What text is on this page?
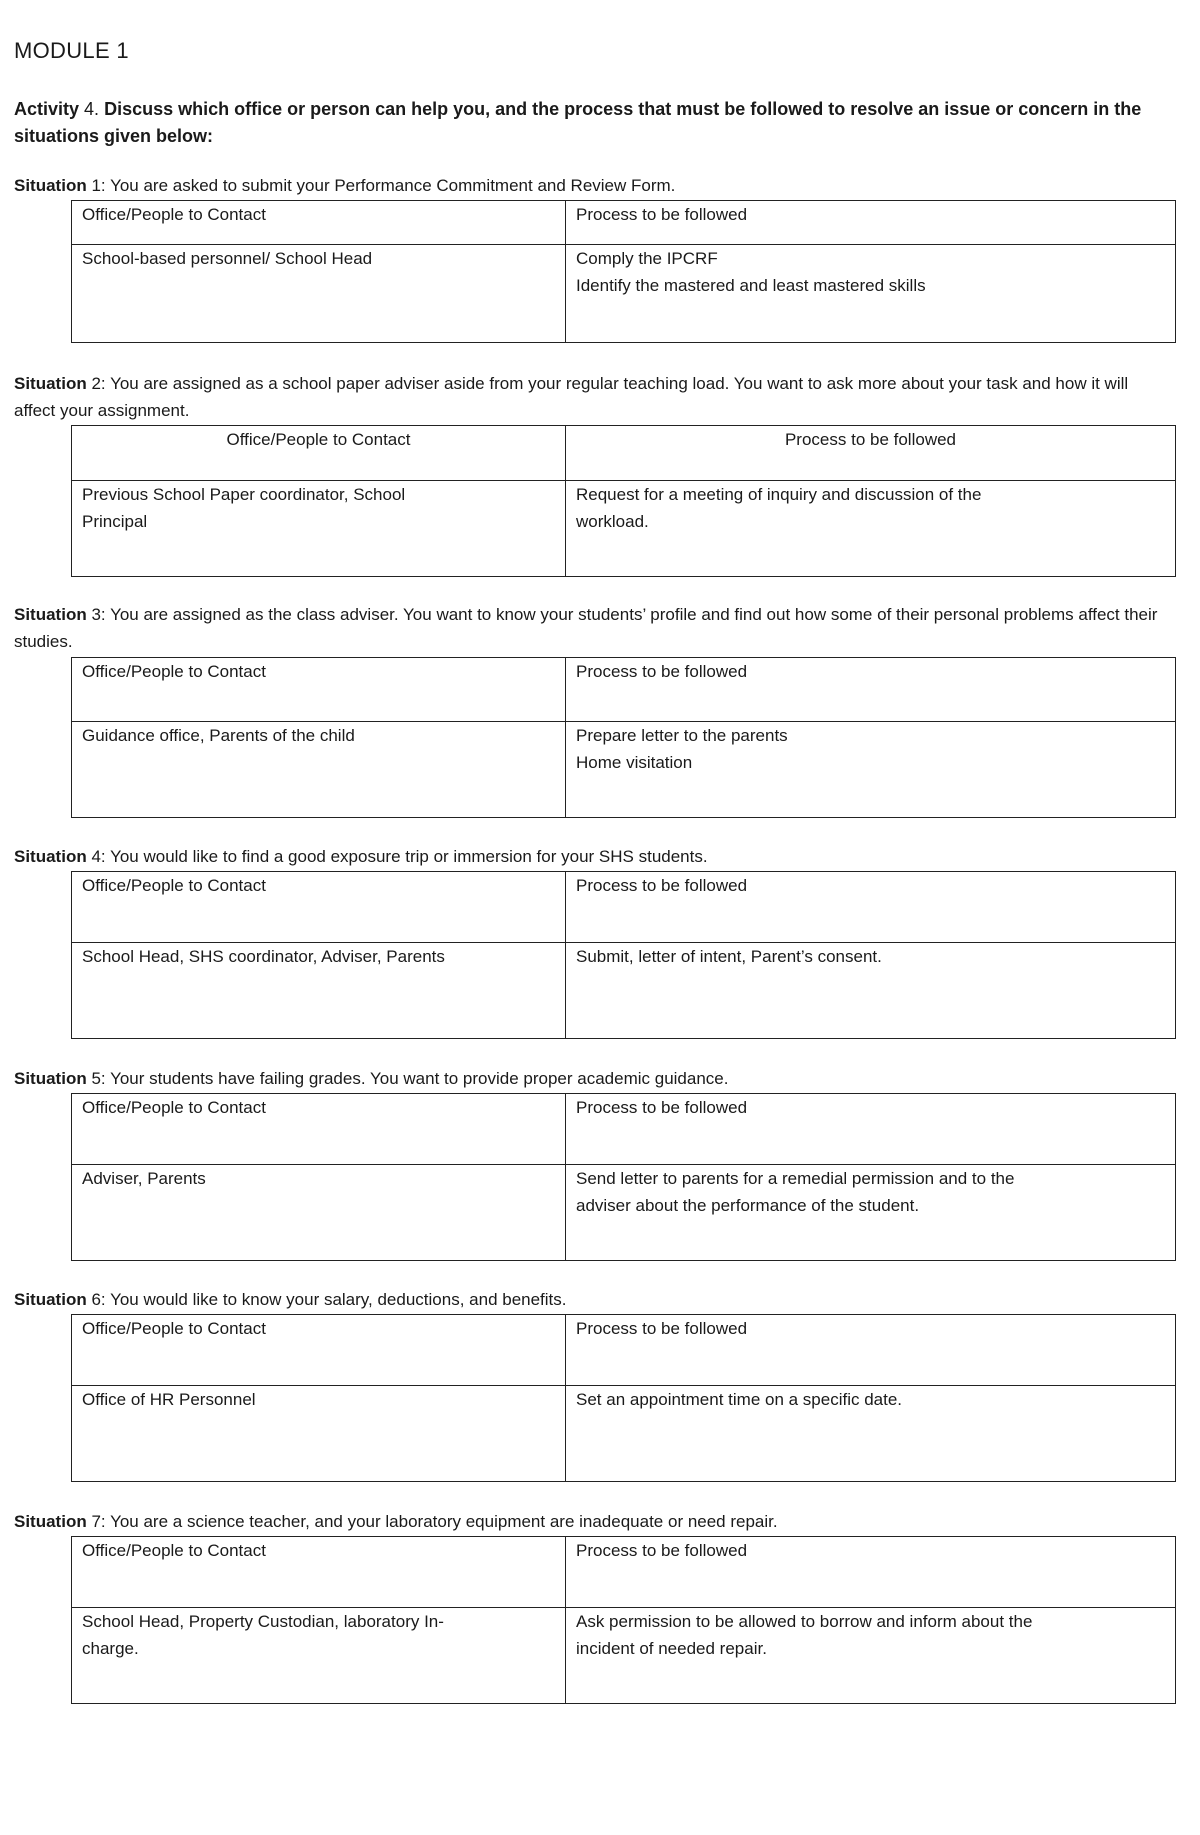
MODULE 1
Activity 4. Discuss which office or person can help you, and the process that must be followed to resolve an issue or concern in the situations given below:
Situation 1: You are asked to submit your Performance Commitment and Review Form.
Office/People to Contact	Process to be followed

School-based personnel/ School Head	Comply the IPCRF
Identify the mastered and least mastered skills
Situation 2: You are assigned as a school paper adviser aside from your regular teaching load. You want to ask more about your task and how it will affect your assignment.
Office/People to Contact	Process to be followed

Previous School Paper coordinator, School
Principal	Request for a meeting of inquiry and discussion of the
workload.
Situation 3: You are assigned as the class adviser. You want to know your students’ profile and find out how some of their personal problems affect their studies.
Office/People to Contact	Process to be followed

Guidance office, Parents of the child	Prepare letter to the parents
Home visitation
Situation 4: You would like to find a good exposure trip or immersion for your SHS students.
Office/People to Contact	Process to be followed

School Head, SHS coordinator, Adviser, Parents	Submit, letter of intent, Parent’s consent.
Situation 5: Your students have failing grades. You want to provide proper academic guidance.
Office/People to Contact	Process to be followed

Adviser, Parents	Send letter to parents for a remedial permission and to the
adviser about the performance of the student.
Situation 6: You would like to know your salary, deductions, and benefits.
Office/People to Contact	Process to be followed

Office of HR Personnel	Set an appointment time on a specific date.
Situation 7: You are a science teacher, and your laboratory equipment are inadequate or need repair.
Office/People to Contact	Process to be followed

School Head, Property Custodian, laboratory In-
charge.	Ask permission to be allowed to borrow and inform about the
incident of needed repair.
